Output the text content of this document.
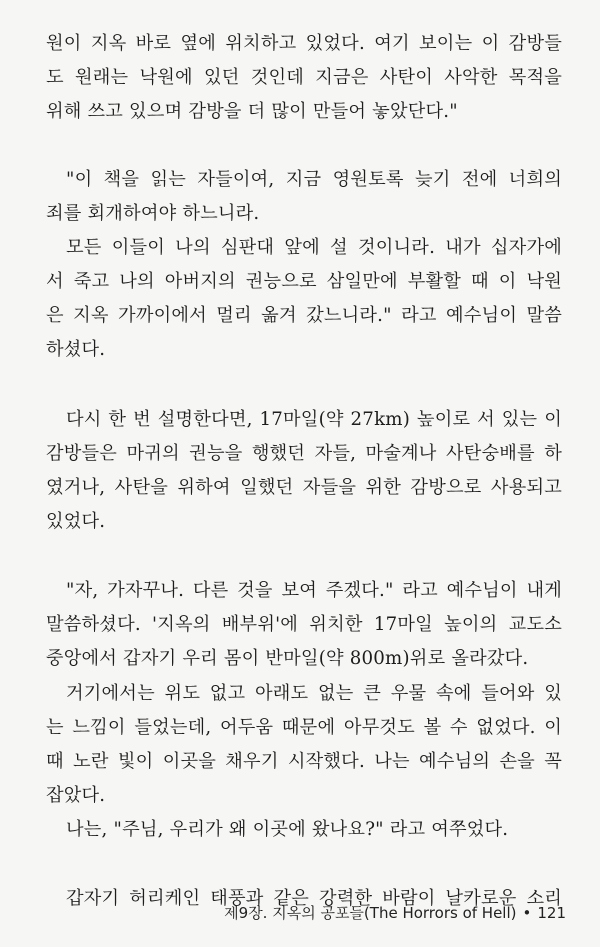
원이 지옥 바로 옆에 위치하고 있었다. 여기 보이는 이 감방들
도 원래는 낙원에 있던 것인데 지금은 사탄이 사악한 목적을
위해 쓰고 있으며 감방을 더 많이 만들어 놓았단다."
"이 책을 읽는 자들이여, 지금 영원토록 늦기 전에 너희의
죄를 회개하여야 하느니라.
모든 이들이 나의 심판대 앞에 설 것이니라. 내가 십자가에
서 죽고 나의 아버지의 권능으로 삼일만에 부활할 때 이 낙원
은 지옥 가까이에서 멀리 옮겨 갔느니라." 라고 예수님이 말씀
하셨다.
다시 한 번 설명한다면, 17마일(약 27km) 높이로 서 있는 이
감방들은 마귀의 권능을 행했던 자들, 마술계나 사탄숭배를 하
였거나, 사탄을 위하여 일했던 자들을 위한 감방으로 사용되고
있었다.
"자, 가자꾸나. 다른 것을 보여 주겠다." 라고 예수님이 내게
말씀하셨다. '지옥의 배부위'에 위치한 17마일 높이의 교도소
중앙에서 갑자기 우리 몸이 반마일(약 800m)위로 올라갔다.
거기에서는 위도 없고 아래도 없는 큰 우물 속에 들어와 있
는 느낌이 들었는데, 어두움 때문에 아무것도 볼 수 없었다. 이
때 노란 빛이 이곳을 채우기 시작했다. 나는 예수님의 손을 꼭
잡았다.
나는, "주님, 우리가 왜 이곳에 왔나요?" 라고 여쭈었다.
갑자기 허리케인 태풍과 같은 강력한 바람이 날카로운 소리
제9장. 지옥의 공포들(The Horrors of Hell) • 121
